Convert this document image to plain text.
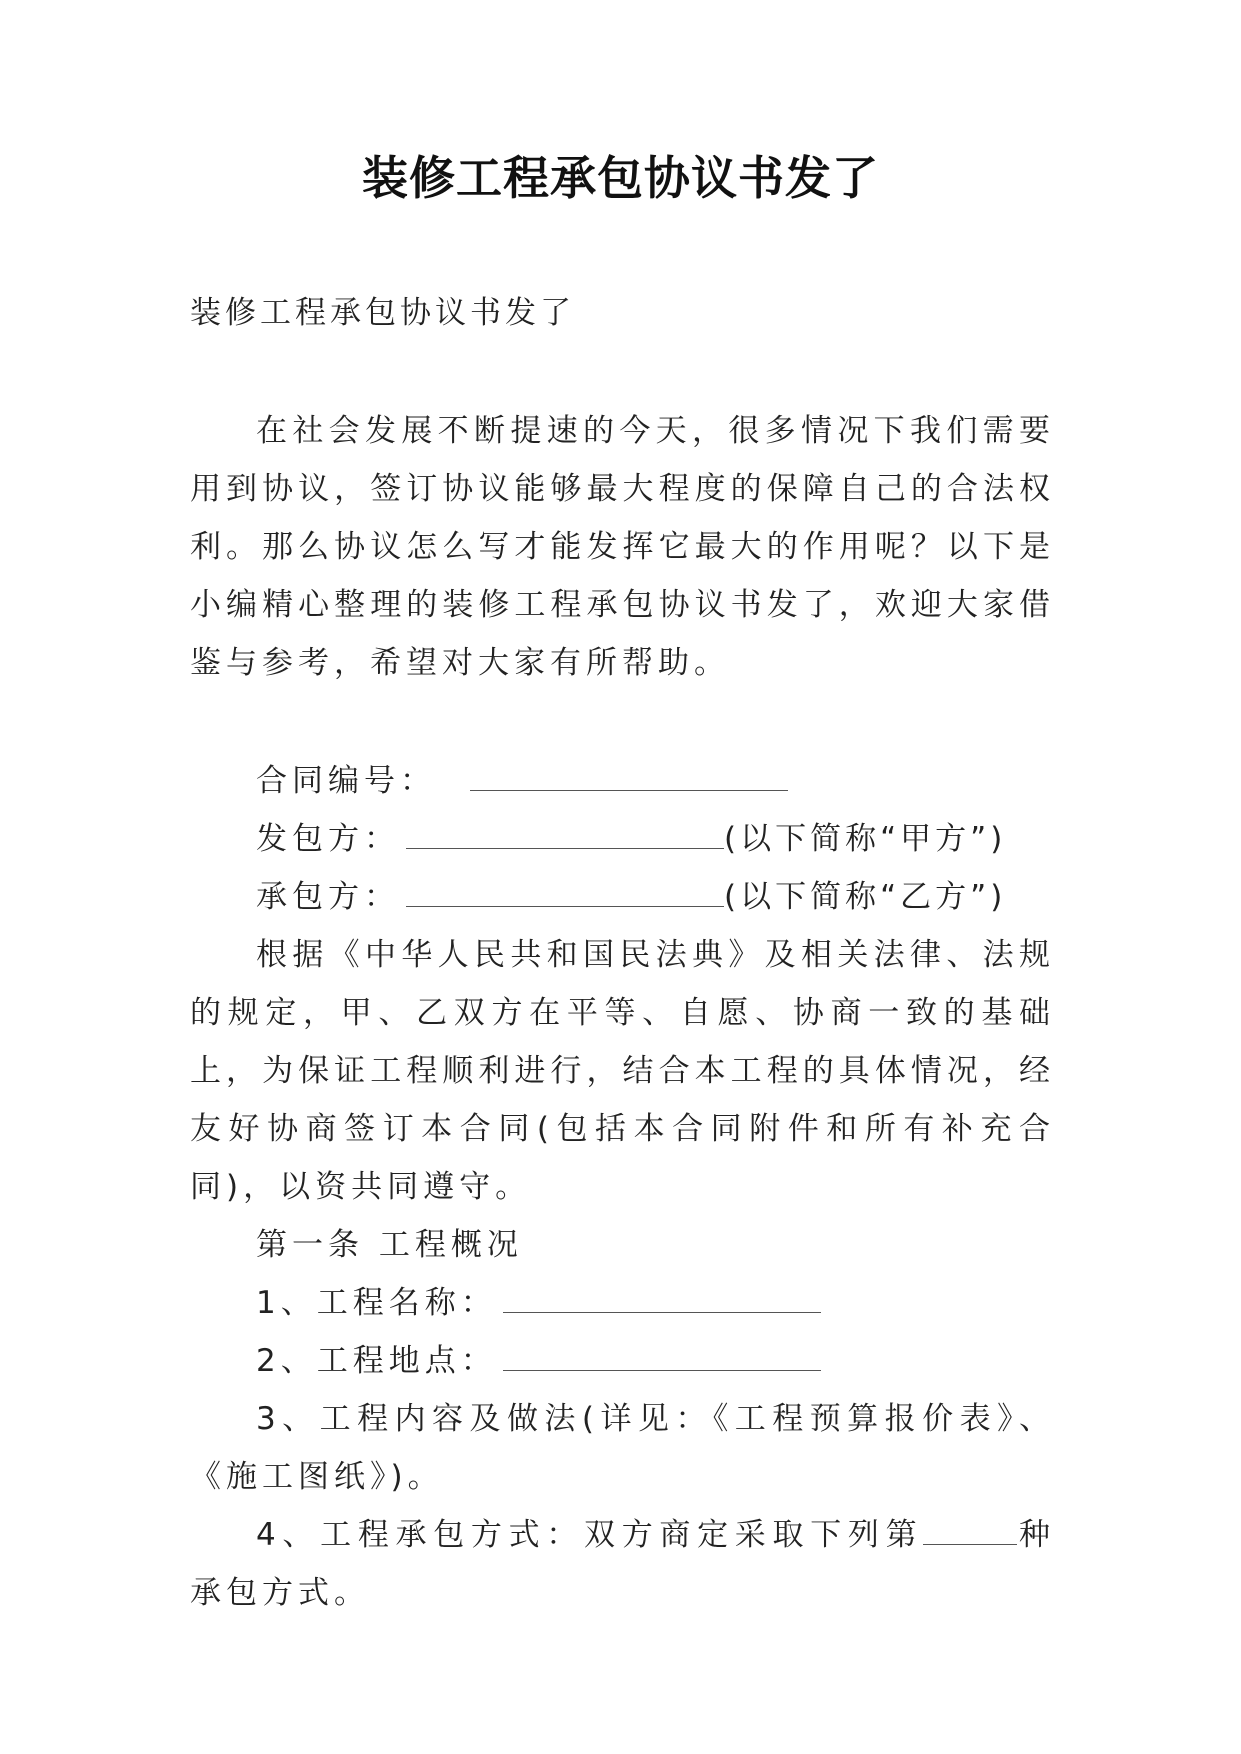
装修工程承包协议书发了
装修工程承包协议书发了
在社会发展不断提速的今天，很多情况下我们需要用到协议，签订协议能够最大程度的保障自己的合法权利。那么协议怎么写才能发挥它最大的作用呢？以下是小编精心整理的装修工程承包协议书发了，欢迎大家借鉴与参考，希望对大家有所帮助。
合同编号：
发包方：	(以下简称“甲方”)
承包方：	(以下简称“乙方”)
根据《中华人民共和国民法典》及相关法律、法规的规定，甲、乙双方在平等、自愿、协商一致的基础上，为保证工程顺利进行，结合本工程的具体情况，经友好协商签订本合同(包括本合同附件和所有补充合同)，以资共同遵守。
第一条 工程概况
1、工程名称：
2、工程地点：
3、工程内容及做法(详见：《工程预算报价表》、《施工图纸》)。
4、工程承包方式：双方商定采取下列第	种承包方式。
